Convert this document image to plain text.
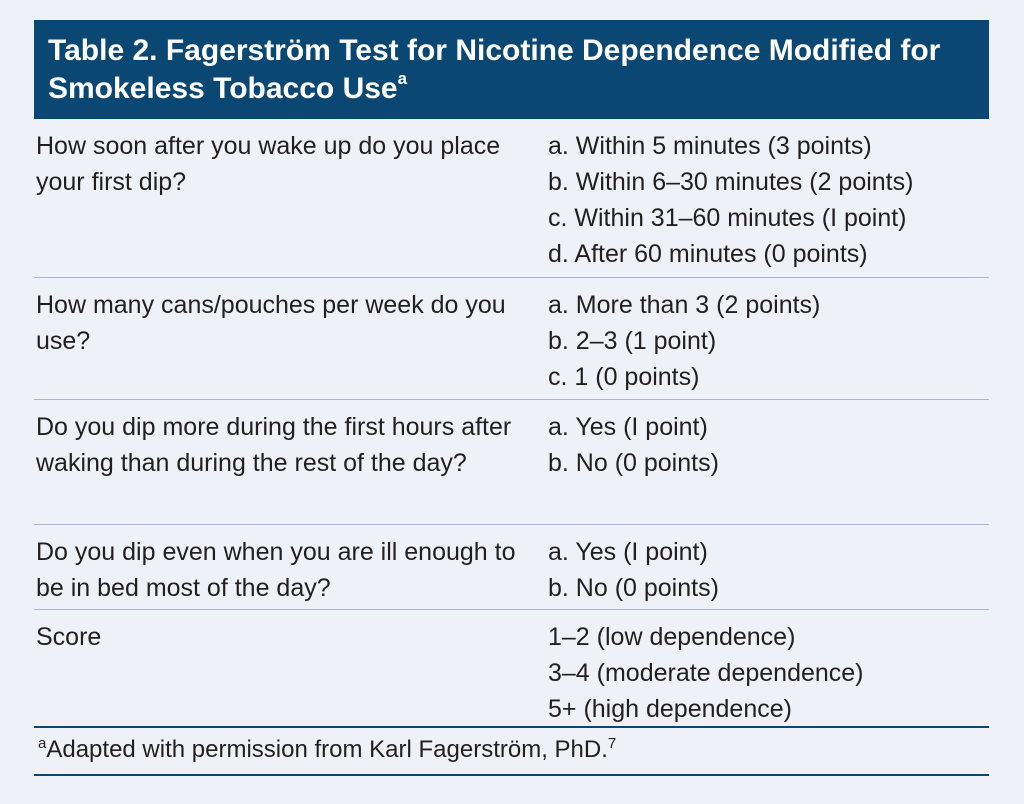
Table 2. Fagerström Test for Nicotine Dependence Modified for Smokeless Tobacco Use$^a$

How soon after you wake up do you place your first dip?
a. Within 5 minutes (3 points)
b. Within 6–30 minutes (2 points)
c. Within 31–60 minutes (I point)
d. After 60 minutes (0 points)
How many cans/pouches per week do you use?
a. More than 3 (2 points)
b. 2–3 (1 point)
c. 1 (0 points)
Do you dip more during the first hours after waking than during the rest of the day?
a. Yes (I point)
b. No (0 points)
Do you dip even when you are ill enough to be in bed most of the day?
a. Yes (I point)
b. No (0 points)
Score	1–2 (low dependence)
3–4 (moderate dependence)
5+ (high dependence)
$^a$Adapted with permission from Karl Fagerström, PhD.$^7$
